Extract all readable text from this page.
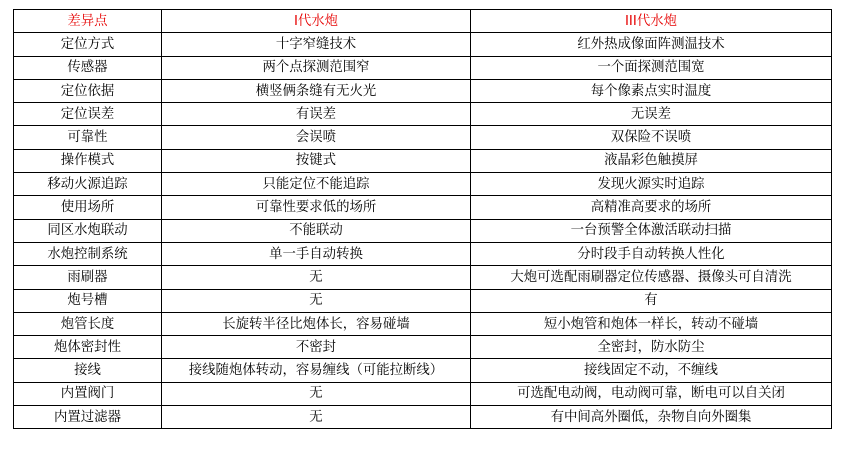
差异点	I代水炮	III代水炮
定位方式	十字窄缝技术	红外热成像面阵测温技术
传感器	两个点探测范围窄	一个面探测范围宽
定位依据	横竖俩条缝有无火光	每个像素点实时温度
定位误差	有误差	无误差
可靠性	会误喷	双保险不误喷
操作模式	按键式	液晶彩色触摸屏
移动火源追踪	只能定位不能追踪	发现火源实时追踪
使用场所	可靠性要求低的场所	高精准高要求的场所
同区水炮联动	不能联动	一台预警全体激活联动扫描
水炮控制系统	单一手自动转换	分时段手自动转换人性化
雨刷器	无	大炮可选配雨刷器定位传感器、摄像头可自清洗
炮号槽	无	有
炮管长度	长旋转半径比炮体长，容易碰墙	短小炮管和炮体一样长，转动不碰墙
炮体密封性	不密封	全密封，防水防尘
接线	接线随炮体转动，容易缠线（可能拉断线）	接线固定不动，不缠线
内置阀门	无	可选配电动阀，电动阀可靠，断电可以自关闭
内置过滤器	无	有中间高外圈低，杂物自向外圈集
